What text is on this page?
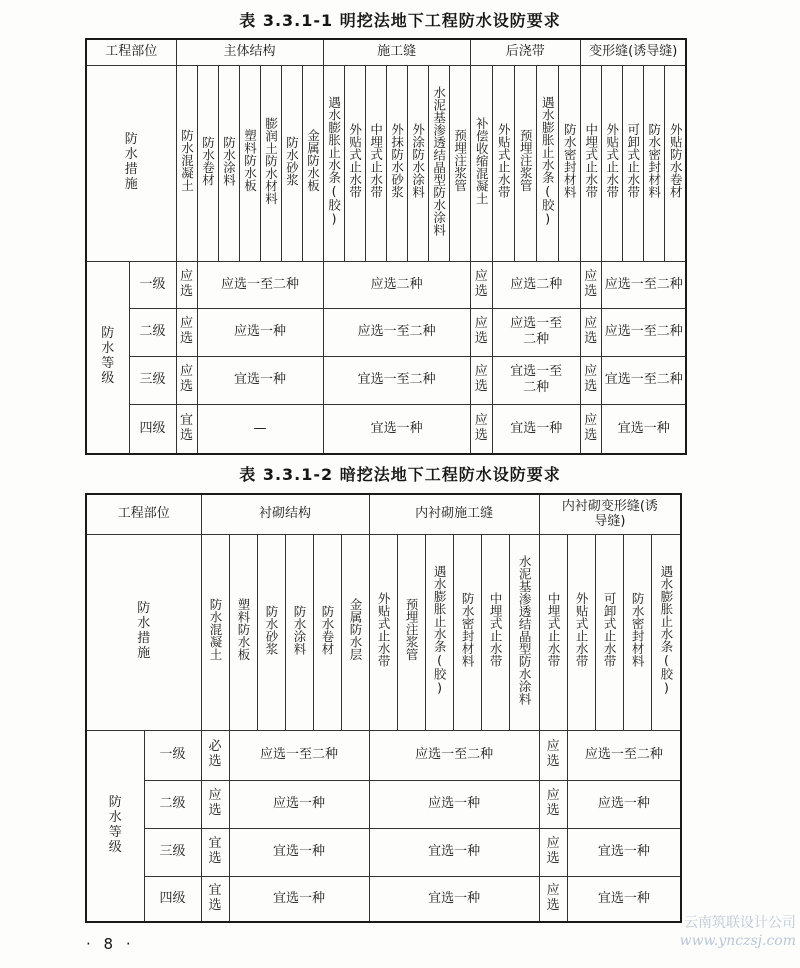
表 3.3.1-1 明挖法地下工程防水设防要求
工程部位		主体结构							施工缝							后浇带					变形缝(诱导缝)					
防水措施		防水混凝土	防水卷材	防水涂料	塑料防水板	膨润土防水材料	防水砂浆	金属防水板	遇水膨胀止水条(胶)	外贴式止水带	中埋式止水带	外抹防水砂浆	外涂防水涂料	水泥基渗透结晶型防水涂料	预埋注浆管	补偿收缩混凝土	外贴式止水带	预埋注浆管	遇水膨胀止水条(胶)	防水密封材料	中埋式止水带	外贴式止水带	可卸式止水带	防水密封材料	外贴防水卷材	
防水等级	一级	应选	应选一至二种						应选二种							应选	应选二种				应选	应选一至二种				
	二级	应选	应选一种						应选一至二种							应选	应选一至二种				应选	应选一至二种				
	三级	应选	宜选一种						宜选一至二种							应选	宜选一至二种				应选	宜选一至二种				
	四级	宜选	—						宜选一种							应选	宜选一种				应选	宜选一种				
表 3.3.1-2 暗挖法地下工程防水设防要求
工程部位		衬砌结构						内衬砌施工缝						内衬砌变形缝(诱导缝)				
防水措施		防水混凝土	塑料防水板	防水砂浆	防水涂料	防水卷材	金属防水层	外贴式止水带	预埋注浆管	遇水膨胀止水条(胶)	防水密封材料	中埋式止水带	水泥基渗透结晶型防水涂料	中埋式止水带	外贴式止水带	可卸式止水带	防水密封材料	遇水膨胀止水条(胶)
防水等级	一级	必选	应选一至二种					应选一至二种						应选	应选一至二种			
	二级	应选	应选一种					应选一种						应选	应选一种			
	三级	宜选	宜选一种					宜选一种						应选	宜选一种			
	四级	宜选	宜选一种					宜选一种						应选	宜选一种			
· 8 ·
云南筑联设计公司
www.ynczsj.com
